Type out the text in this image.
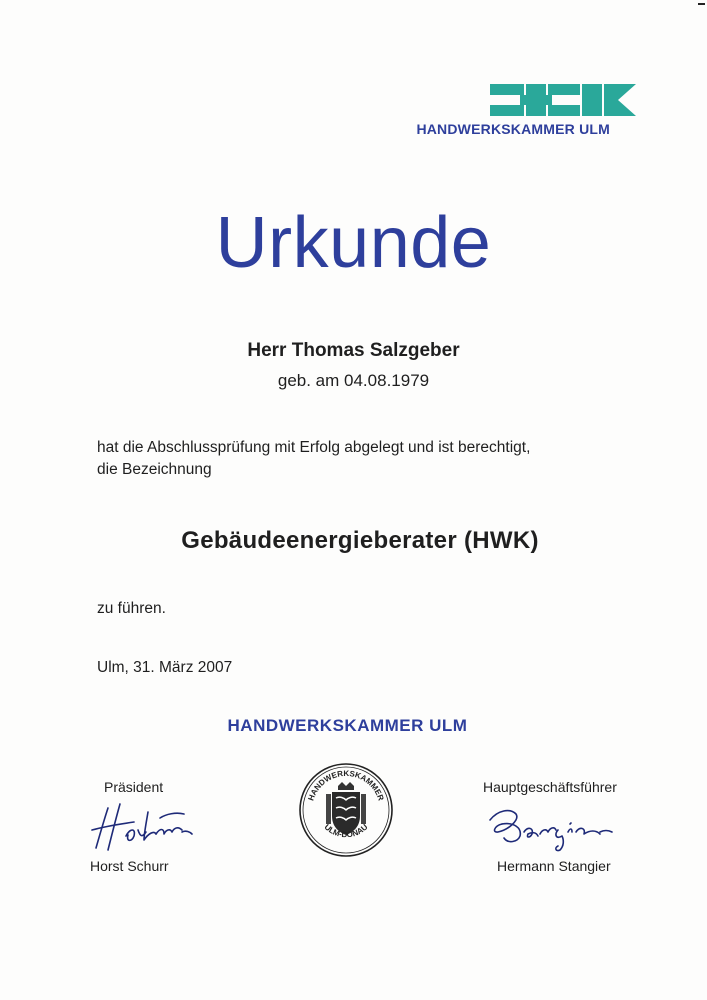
HANDWERKSKAMMER ULM
Urkunde
Herr Thomas Salzgeber
geb. am 04.08.1979
hat die Abschlussprüfung mit Erfolg abgelegt und ist berechtigt,
die Bezeichnung
Gebäudeenergieberater (HWK)
zu führen.
Ulm, 31. März 2007
HANDWERKSKAMMER ULM
Präsident
Horst Schurr
HANDWERKSKAMMER
ULM-DONAU
Hauptgeschäftsführer
Hermann Stangier
